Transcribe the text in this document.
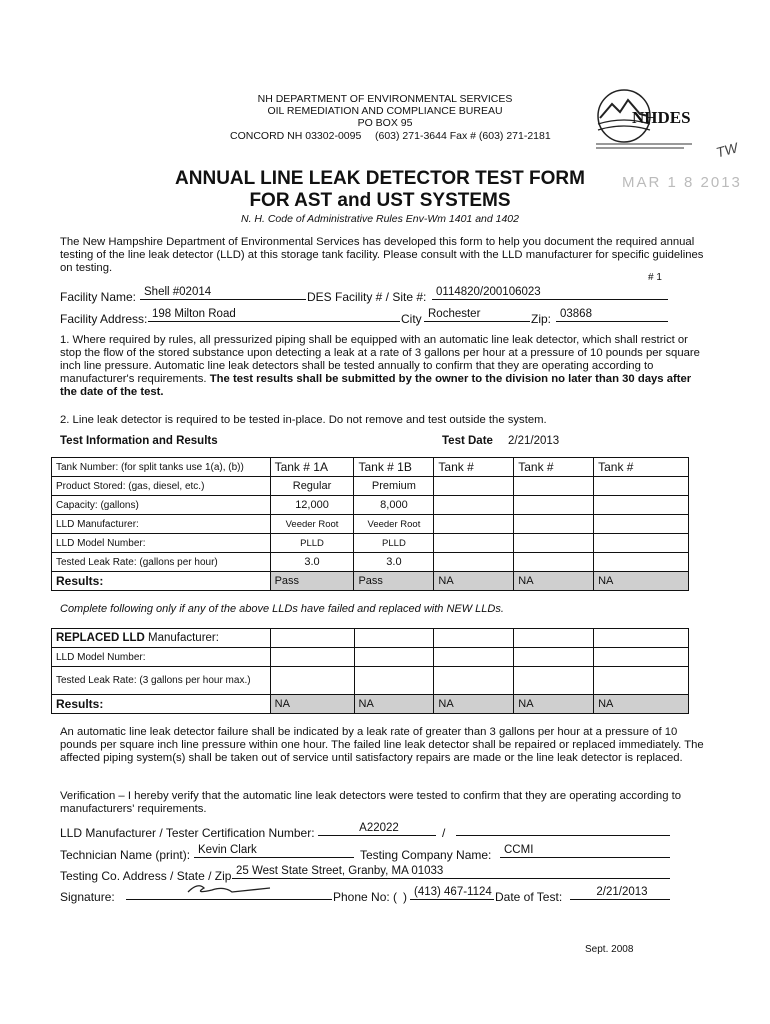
NH DEPARTMENT OF ENVIRONMENTAL SERVICES
OIL REMEDIATION AND COMPLIANCE BUREAU
PO BOX 95
CONCORD NH 03302-0095 (603) 271-3644 Fax # (603) 271-2181
NHDES
MAR 1 8 2013
TW
ANNUAL LINE LEAK DETECTOR TEST FORM
FOR AST and UST SYSTEMS
N. H. Code of Administrative Rules Env-Wm 1401 and 1402
The New Hampshire Department of Environmental Services has developed this form to help you document the required annual testing of the line leak detector (LLD) at this storage tank facility. Please consult with the LLD manufacturer for specific guidelines on testing.
# 1
Facility Name: Shell #02014	DES Facility # / Site #: 0114820/200106023
Facility Address: 198 Milton Road	City Rochester	Zip: 03868
1. Where required by rules, all pressurized piping shall be equipped with an automatic line leak detector, which shall restrict or stop the flow of the stored substance upon detecting a leak at a rate of 3 gallons per hour at a pressure of 10 pounds per square inch line pressure. Automatic line leak detectors shall be tested annually to confirm that they are operating according to manufacturer's requirements. The test results shall be submitted by the owner to the division no later than 30 days after the date of the test.
2. Line leak detector is required to be tested in-place. Do not remove and test outside the system.
Test Information and Results	Test Date 2/21/2013
Tank Number: (for split tanks use 1(a), (b))	Tank # 1A	Tank # 1B	Tank #	Tank #	Tank #
Product Stored: (gas, diesel, etc.)	Regular	Premium			
Capacity: (gallons)	12,000	8,000			
LLD Manufacturer:	Veeder Root	Veeder Root			
LLD Model Number:	PLLD	PLLD			
Tested Leak Rate: (gallons per hour)	3.0	3.0			
Results:	Pass	Pass	NA	NA	NA
Complete following only if any of the above LLDs have failed and replaced with NEW LLDs.
REPLACED LLD Manufacturer:					
LLD Model Number:					
Tested Leak Rate: (3 gallons per hour max.)					
Results:	NA	NA	NA	NA	NA
An automatic line leak detector failure shall be indicated by a leak rate of greater than 3 gallons per hour at a pressure of 10 pounds per square inch line pressure within one hour. The failed line leak detector shall be repaired or replaced immediately. The affected piping system(s) shall be taken out of service until satisfactory repairs are made or the line leak detector is replaced.
Verification – I hereby verify that the automatic line leak detectors were tested to confirm that they are operating according to manufacturers' requirements.
LLD Manufacturer / Tester Certification Number:	A22022	/
Technician Name (print): Kevin Clark	Testing Company Name:	CCMI
Testing Co. Address / State / Zip 25 West State Street, Granby, MA 01033
Signature:	Phone No: ( ) (413) 467-1124 Date of Test:	2/21/2013
Sept. 2008
